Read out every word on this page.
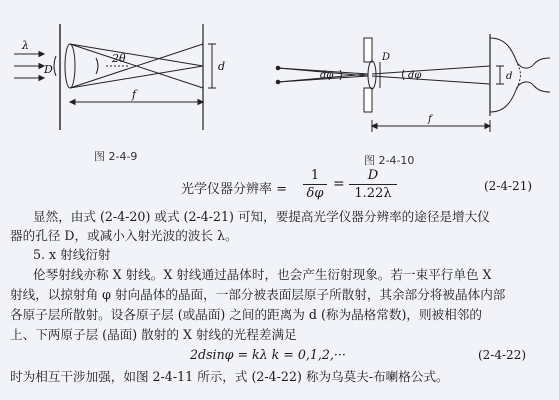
λ
D
2θ
d
f
图 2-4-9
D
dφ	dφ	d
f
图 2-4-10
光学仪器分辨率 =
1
δφ
=
D
1.22λ	(2-4-21)
显然，由式 (2-4-20) 或式 (2-4-21) 可知，要提高光学仪器分辨率的途径是增大仪
器的孔径 D，或减小入射光波的波长 λ。
5. x 射线衍射
伦琴射线亦称 X 射线。X 射线通过晶体时，也会产生衍射现象。若一束平行单色 X
射线，以掠射角 φ 射向晶体的晶面，一部分被表面层原子所散射，其余部分将被晶体内部
各原子层所散射。设各原子层 (或晶面) 之间的距离为 d (称为晶格常数)，则被相邻的
上、下两原子层 (晶面) 散射的 X 射线的光程差满足
2dsinφ = kλ k = 0,1,2,···	(2-4-22)
时为相互干涉加强，如图 2-4-11 所示，式 (2-4-22) 称为乌莫夫-布喇格公式。
